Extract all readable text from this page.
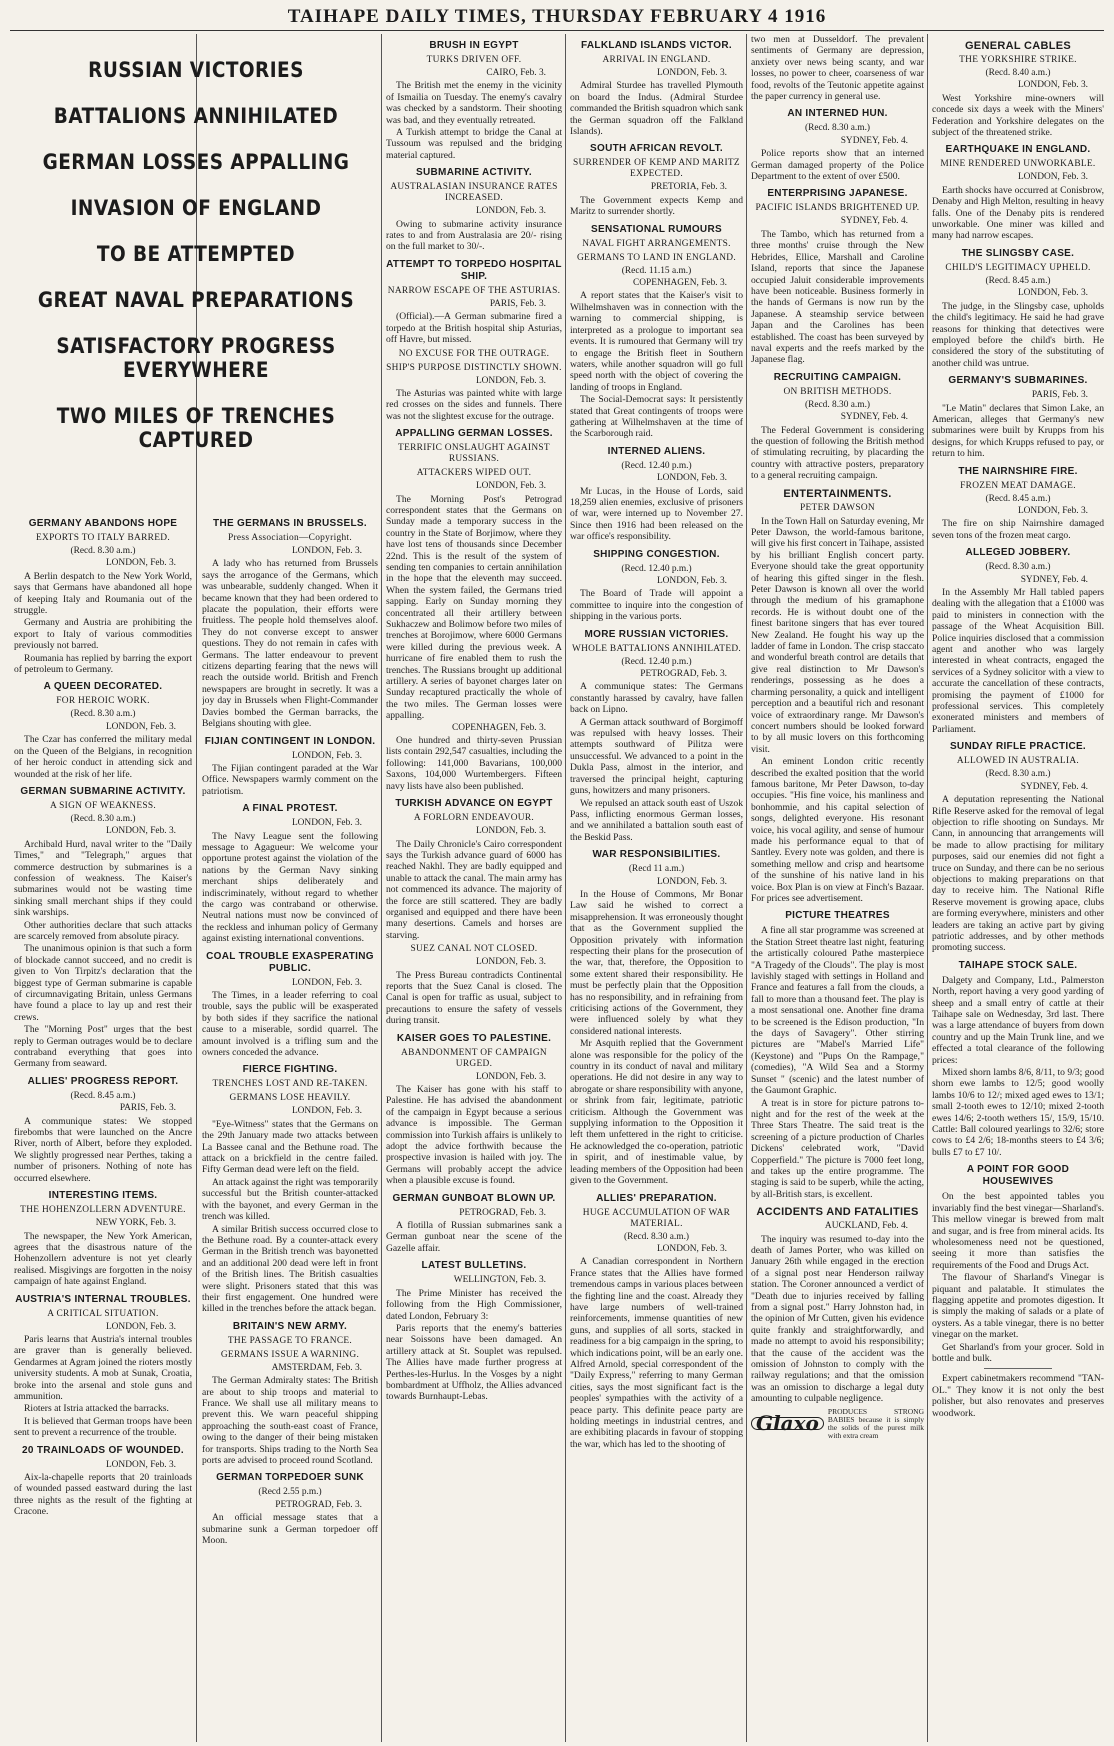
TAIHAPE DAILY TIMES, THURSDAY FEBRUARY 4 1916
RUSSIAN VICTORIES
BATTALIONS ANNIHILATED
GERMAN LOSSES APPALLING
INVASION OF ENGLAND
TO BE ATTEMPTED
GREAT NAVAL PREPARATIONS
SATISFACTORY PROGRESS EVERYWHERE
TWO MILES OF TRENCHES CAPTURED
GERMANY ABANDONS HOPE
EXPORTS TO ITALY BARRED.
(Recd. 8.30 a.m.)
LONDON, Feb. 3.

A Berlin despatch to the New York World, says that Germans have abandoned all hope of keeping Italy and Roumania out of the struggle.

Germany and Austria are prohibiting the export to Italy of various commodities previously not barred.

Roumania has replied by barring the export of petroleum to Germany.

A QUEEN DECORATED.
FOR HEROIC WORK.
(Recd. 8.30 a.m.)
LONDON, Feb. 3.

The Czar has conferred the military medal on the Queen of the Belgians, in recognition of her heroic conduct in attending sick and wounded at the risk of her life.

GERMAN SUBMARINE ACTIVITY.
A SIGN OF WEAKNESS.
(Recd. 8.30 a.m.)
LONDON, Feb. 3.

Archibald Hurd, naval writer to the "Daily Times," and "Telegraph," argues that commerce destruction by submarines is a confession of weakness. The Kaiser's submarines would not be wasting time sinking small merchant ships if they could sink warships.

Other authorities declare that such attacks are scarcely removed from absolute piracy.

The unanimous opinion is that such a form of blockade cannot succeed, and no credit is given to Von Tirpitz's declaration that the biggest type of German submarine is capable of circumnavigating Britain, unless Germans have found a place to lay up and rest their crews.

The "Morning Post" urges that the best reply to German outrages would be to declare contraband everything that goes into Germany from seaward.

ALLIES' PROGRESS REPORT.
(Recd. 8.45 a.m.)
PARIS, Feb. 3.

A communique states: We stopped firebombs that were launched on the Ancre River, north of Albert, before they exploded. We slightly progressed near Perthes, taking a number of prisoners. Nothing of note has occurred elsewhere.

INTERESTING ITEMS.
THE HOHENZOLLERN ADVENTURE.
NEW YORK, Feb. 3.

The newspaper, the New York American, agrees that the disastrous nature of the Hohenzollern adventure is not yet clearly realised. Misgivings are forgotten in the noisy campaign of hate against England.

AUSTRIA'S INTERNAL TROUBLES.
A CRITICAL SITUATION.
LONDON, Feb. 3.

Paris learns that Austria's internal troubles are graver than is generally believed. Gendarmes at Agram joined the rioters mostly university students. A mob at Sunak, Croatia, broke into the arsenal and stole guns and ammunition.

Rioters at Istria attacked the barracks.

It is believed that German troops have been sent to prevent a recurrence of the trouble.

20 TRAINLOADS OF WOUNDED.
LONDON, Feb. 3.

Aix-la-chapelle reports that 20 trainloads of wounded passed eastward during the last three nights as the result of the fighting at Cracone.

THE GERMANS IN BRUSSELS.
Press Association—Copyright.
LONDON, Feb. 3.

A lady who has returned from Brussels says the arrogance of the Germans, which was unbearable, suddenly changed. When it became known that they had been ordered to placate the population, their efforts were fruitless. The people hold themselves aloof. They do not converse except to answer questions. They do not remain in cafes with Germans. The latter endeavour to prevent citizens departing fearing that the news will reach the outside world. British and French newspapers are brought in secretly. It was a joy day in Brussels when Flight-Commander Davies bombed the German barracks, the Belgians shouting with glee.

FIJIAN CONTINGENT IN LONDON.
LONDON, Feb. 3.

The Fijian contingent paraded at the War Office. Newspapers warmly comment on the patriotism.

A FINAL PROTEST.
LONDON, Feb. 3.

The Navy League sent the following message to Agagueur: We welcome your opportune protest against the violation of the nations by the German Navy sinking merchant ships deliberately and indiscriminately, without regard to whether the cargo was contraband or otherwise. Neutral nations must now be convinced of the reckless and inhuman policy of Germany against existing international conventions.

COAL TROUBLE EXASPERATING PUBLIC.
LONDON, Feb. 3.

The Times, in a leader referring to coal trouble, says the public will be exasperated by both sides if they sacrifice the national cause to a miserable, sordid quarrel. The amount involved is a trifling sum and the owners conceded the advance.

FIERCE FIGHTING.
TRENCHES LOST AND RE-TAKEN.
GERMANS LOSE HEAVILY.
LONDON, Feb. 3.

"Eye-Witness" states that the Germans on the 29th January made two attacks between La Bassee canal and the Bethune road. The attack on a brickfield in the centre failed. Fifty German dead were left on the field.

An attack against the right was temporarily successful but the British counter-attacked with the bayonet, and every German in the trench was killed.

A similar British success occurred close to the Bethune road. By a counter-attack every German in the British trench was bayonetted and an additional 200 dead were left in front of the British lines. The British casualties were slight. Prisoners stated that this was their first engagement. One hundred were killed in the trenches before the attack began.

BRITAIN'S NEW ARMY.
THE PASSAGE TO FRANCE.
GERMANS ISSUE A WARNING.
AMSTERDAM, Feb. 3.

The German Admiralty states: The British are about to ship troops and material to France. We shall use all military means to prevent this. We warn peaceful shipping approaching the south-east coast of France, owing to the danger of their being mistaken for transports. Ships trading to the North Sea ports are advised to proceed round Scotland.

GERMAN TORPEDOER SUNK
(Recd 2.55 p.m.)
PETROGRAD, Feb. 3.

An official message states that a submarine sunk a German torpedoer off Moon.

BRUSH IN EGYPT
TURKS DRIVEN OFF.
CAIRO, Feb. 3.

The British met the enemy in the vicinity of Ismailia on Tuesday. The enemy's cavalry was checked by a sandstorm. Their shooting was bad, and they eventually retreated.

A Turkish attempt to bridge the Canal at Tussoum was repulsed and the bridging material captured.

SUBMARINE ACTIVITY.
AUSTRALASIAN INSURANCE RATES INCREASED.
LONDON, Feb. 3.

Owing to submarine activity insurance rates to and from Australasia are 20/- rising on the full market to 30/-.

ATTEMPT TO TORPEDO HOSPITAL SHIP.
NARROW ESCAPE OF THE ASTURIAS.
PARIS, Feb. 3.

(Official).—A German submarine fired a torpedo at the British hospital ship Asturias, off Havre, but missed.

NO EXCUSE FOR THE OUTRAGE.
SHIP'S PURPOSE DISTINCTLY SHOWN.
LONDON, Feb. 3.

The Asturias was painted white with large red crosses on the sides and funnels. There was not the slightest excuse for the outrage.

APPALLING GERMAN LOSSES.
TERRIFIC ONSLAUGHT AGAINST RUSSIANS.
ATTACKERS WIPED OUT.
LONDON, Feb. 3.

The Morning Post's Petrograd correspondent states that the Germans on Sunday made a temporary success in the country in the State of Borjimow, where they have lost tens of thousands since December 22nd. This is the result of the system of sending ten companies to certain annihilation in the hope that the eleventh may succeed. When the system failed, the Germans tried sapping. Early on Sunday morning they concentrated all their artillery between Sukhaczew and Bolimow before two miles of trenches at Borojimow, where 6000 Germans were killed during the previous week. A hurricane of fire enabled them to rush the trenches. The Russians brought up additional artillery. A series of bayonet charges later on Sunday recaptured practically the whole of the two miles. The German losses were appalling.

COPENHAGEN, Feb. 3.

One hundred and thirty-seven Prussian lists contain 292,547 casualties, including the following: 141,000 Bavarians, 100,000 Saxons, 104,000 Wurtembergers. Fifteen navy lists have also been published.

TURKISH ADVANCE ON EGYPT
A FORLORN ENDEAVOUR.
LONDON, Feb. 3.

The Daily Chronicle's Cairo correspondent says the Turkish advance guard of 6000 has reached Nakhl. They are badly equipped and unable to attack the canal. The main army has not commenced its advance. The majority of the force are still scattered. They are badly organised and equipped and there have been many desertions. Camels and horses are starving.

SUEZ CANAL NOT CLOSED.
LONDON, Feb. 3.

The Press Bureau contradicts Continental reports that the Suez Canal is closed. The Canal is open for traffic as usual, subject to precautions to ensure the safety of vessels during transit.

KAISER GOES TO PALESTINE.
ABANDONMENT OF CAMPAIGN URGED.
LONDON, Feb. 3.

The Kaiser has gone with his staff to Palestine. He has advised the abandonment of the campaign in Egypt because a serious advance is impossible. The German commission into Turkish affairs is unlikely to adopt the advice forthwith because the prospective invasion is hailed with joy. The Germans will probably accept the advice when a plausible excuse is found.

GERMAN GUNBOAT BLOWN UP.
PETROGRAD, Feb. 3.

A flotilla of Russian submarines sank a German gunboat near the scene of the Gazelle affair.

LATEST BULLETINS.
WELLINGTON, Feb. 3.

The Prime Minister has received the following from the High Commissioner, dated London, February 3:

Paris reports that the enemy's batteries near Soissons have been damaged. An artillery attack at St. Souplet was repulsed. The Allies have made further progress at Perthes-les-Hurlus. In the Vosges by a night bombardment at Uffholz, the Allies advanced towards Burnhaupt-Lebas.

FALKLAND ISLANDS VICTOR.
ARRIVAL IN ENGLAND.
LONDON, Feb. 3.

Admiral Sturdee has travelled Plymouth on board the Indus. (Admiral Sturdee commanded the British squadron which sank the German squadron off the Falkland Islands).

SOUTH AFRICAN REVOLT.
SURRENDER OF KEMP AND MARITZ EXPECTED.
PRETORIA, Feb. 3.

The Government expects Kemp and Maritz to surrender shortly.

SENSATIONAL RUMOURS
NAVAL FIGHT ARRANGEMENTS.
GERMANS TO LAND IN ENGLAND.
(Recd. 11.15 a.m.)
COPENHAGEN, Feb. 3.

A report states that the Kaiser's visit to Wilhelmshaven was in connection with the warning to commercial shipping, is interpreted as a prologue to important sea events. It is rumoured that Germany will try to engage the British fleet in Southern waters, while another squadron will go full speed north with the object of covering the landing of troops in England.

The Social-Democrat says: It persistently stated that Great contingents of troops were gathering at Wilhelmshaven at the time of the Scarborough raid.

INTERNED ALIENS.
(Recd. 12.40 p.m.)
LONDON, Feb. 3.

Mr Lucas, in the House of Lords, said 18,259 alien enemies, exclusive of prisoners of war, were interned up to November 27. Since then 1916 had been released on the war office's responsibility.

SHIPPING CONGESTION.
(Recd. 12.40 p.m.)
LONDON, Feb. 3.

The Board of Trade will appoint a committee to inquire into the congestion of shipping in the various ports.

MORE RUSSIAN VICTORIES.
WHOLE BATTALIONS ANNIHILATED.
(Recd. 12.40 p.m.)
PETROGRAD, Feb. 3.

A communique states: The Germans constantly harassed by cavalry, have fallen back on Lipno.

A German attack southward of Borgimoff was repulsed with heavy losses. Their attempts southward of Pilitza were unsuccessful. We advanced to a point in the Dukla Pass, almost in the interior, and traversed the principal height, capturing guns, howitzers and many prisoners.

We repulsed an attack south east of Uszok Pass, inflicting enormous German losses, and we annihilated a battalion south east of the Beskid Pass.

WAR RESPONSIBILITIES.
(Recd 11 a.m.)
LONDON, Feb. 3.

In the House of Commons, Mr Bonar Law said he wished to correct a misapprehension. It was erroneously thought that as the Government supplied the Opposition privately with information respecting their plans for the prosecution of the war, that, therefore, the Opposition to some extent shared their responsibility. He must be perfectly plain that the Opposition has no responsibility, and in refraining from criticising actions of the Government, they were influenced solely by what they considered national interests.

Mr Asquith replied that the Government alone was responsible for the policy of the country in its conduct of naval and military operations. He did not desire in any way to abrogate or share responsibility with anyone, or shrink from fair, legitimate, patriotic criticism. Although the Government was supplying information to the Opposition it left them unfettered in the right to criticise. He acknowledged the co-operation, patriotic in spirit, and of inestimable value, by leading members of the Opposition had been given to the Government.

ALLIES' PREPARATION.
HUGE ACCUMULATION OF WAR MATERIAL.
(Recd. 8.30 a.m.)
LONDON, Feb. 3.

A Canadian correspondent in Northern France states that the Allies have formed tremendous camps in various places between the fighting line and the coast. Already they have large numbers of well-trained reinforcements, immense quantities of new guns, and supplies of all sorts, stacked in readiness for a big campaign in the spring, to which indications point, will be an early one. Alfred Arnold, special correspondent of the "Daily Express," referring to many German cities, says the most significant fact is the peoples' sympathies with the activity of a peace party. This definite peace party are holding meetings in industrial centres, and are exhibiting placards in favour of stopping the war, which has led to the shooting of

two men at Dusseldorf. The prevalent sentiments of Germany are depression, anxiety over news being scanty, and war losses, no power to cheer, coarseness of war food, revolts of the Teutonic appetite against the paper currency in general use.

AN INTERNED HUN.
(Recd. 8.30 a.m.)
SYDNEY, Feb. 4.

Police reports show that an interned German damaged property of the Police Department to the extent of over £500.

ENTERPRISING JAPANESE.
PACIFIC ISLANDS BRIGHTENED UP.
SYDNEY, Feb. 4.

The Tambo, which has returned from a three months' cruise through the New Hebrides, Ellice, Marshall and Caroline Island, reports that since the Japanese occupied Jaluit considerable improvements have been noticeable. Business formerly in the hands of Germans is now run by the Japanese. A steamship service between Japan and the Carolines has been established. The coast has been surveyed by naval experts and the reefs marked by the Japanese flag.

RECRUITING CAMPAIGN.
ON BRITISH METHODS.
(Recd. 8.30 a.m.)
SYDNEY, Feb. 4.

The Federal Government is considering the question of following the British method of stimulating recruiting, by placarding the country with attractive posters, preparatory to a general recruiting campaign.

ENTERTAINMENTS.
PETER DAWSON

In the Town Hall on Saturday evening, Mr Peter Dawson, the world-famous baritone, will give his first concert in Taihape, assisted by his brilliant English concert party. Everyone should take the great opportunity of hearing this gifted singer in the flesh. Peter Dawson is known all over the world through the medium of his gramaphone records. He is without doubt one of the finest baritone singers that has ever toured New Zealand. He fought his way up the ladder of fame in London. The crisp staccato and wonderful breath control are details that give real distinction to Mr Dawson's renderings, possessing as he does a charming personality, a quick and intelligent perception and a beautiful rich and resonant voice of extraordinary range. Mr Dawson's concert numbers should be looked forward to by all music lovers on this forthcoming visit.

An eminent London critic recently described the exalted position that the world famous baritone, Mr Peter Dawson, to-day occupies. "His fine voice, his manliness and bonhommie, and his capital selection of songs, delighted everyone. His resonant voice, his vocal agility, and sense of humour made his performance equal to that of Santley. Every note was golden, and there is something mellow and crisp and heartsome of the sunshine of his native land in his voice. Box Plan is on view at Finch's Bazaar. For prices see advertisement.

PICTURE THEATRES

A fine all star programme was screened at the Station Street theatre last night, featuring the artistically coloured Pathe masterpiece "A Tragedy of the Clouds". The play is most lavishly staged with settings in Holland and France and features a fall from the clouds, a fall to more than a thousand feet. The play is a most sensational one. Another fine drama to be screened is the Edison production, "In the days of Savagery". Other stirring pictures are "Mabel's Married Life" (Keystone) and "Pups On the Rampage," (comedies), "A Wild Sea and a Stormy Sunset " (scenic) and the latest number of the Gaumont Graphic.

A treat is in store for picture patrons to-night and for the rest of the week at the Three Stars Theatre. The said treat is the screening of a picture production of Charles Dickens' celebrated work, "David Copperfield." The picture is 7000 feet long, and takes up the entire programme. The staging is said to be superb, while the acting, by all-British stars, is excellent.

ACCIDENTS AND FATALITIES
AUCKLAND, Feb. 4.

The inquiry was resumed to-day into the death of James Porter, who was killed on January 26th while engaged in the erection of a signal post near Henderson railway station. The Coroner announced a verdict of "Death due to injuries received by falling from a signal post." Harry Johnston had, in the opinion of Mr Cutten, given his evidence quite frankly and straightforwardly, and made no attempt to avoid his responsibility; that the cause of the accident was the omission of Johnston to comply with the railway regulations; and that the omission was an omission to discharge a legal duty amounting to culpable negligence.

Glaxo	PRODUCES STRONG BABIES because it is simply the solids of the purest milk with extra cream
GENERAL CABLES
THE YORKSHIRE STRIKE.
(Recd. 8.40 a.m.)
LONDON, Feb. 3.

West Yorkshire mine-owners will concede six days a week with the Miners' Federation and Yorkshire delegates on the subject of the threatened strike.

EARTHQUAKE IN ENGLAND.
MINE RENDERED UNWORKABLE.
LONDON, Feb. 3.

Earth shocks have occurred at Conisbrow, Denaby and High Melton, resulting in heavy falls. One of the Denaby pits is rendered unworkable. One miner was killed and many had narrow escapes.

THE SLINGSBY CASE.
CHILD'S LEGITIMACY UPHELD.
(Recd. 8.45 a.m.)
LONDON, Feb. 3.

The judge, in the Slingsby case, upholds the child's legitimacy. He said he had grave reasons for thinking that detectives were employed before the child's birth. He considered the story of the substituting of another child was untrue.

GERMANY'S SUBMARINES.
PARIS, Feb. 3.

"Le Matin" declares that Simon Lake, an American, alleges that Germany's new submarines were built by Krupps from his designs, for which Krupps refused to pay, or return to him.

THE NAIRNSHIRE FIRE.
FROZEN MEAT DAMAGE.
(Recd. 8.45 a.m.)
LONDON, Feb. 3.

The fire on ship Nairnshire damaged seven tons of the frozen meat cargo.

ALLEGED JOBBERY.
(Recd. 8.30 a.m.)
SYDNEY, Feb. 4.

In the Assembly Mr Hall tabled papers dealing with the allegation that a £1000 was paid to ministers in connection with the passage of the Wheat Acquisition Bill. Police inquiries disclosed that a commission agent and another who was largely interested in wheat contracts, engaged the services of a Sydney solicitor with a view to accurate the cancellation of these contracts, promising the payment of £1000 for professional services. This completely exonerated ministers and members of Parliament.

SUNDAY RIFLE PRACTICE.
ALLOWED IN AUSTRALIA.
(Recd. 8.30 a.m.)
SYDNEY, Feb. 4.

A deputation representing the National Rifle Reserve asked for the removal of legal objection to rifle shooting on Sundays. Mr Cann, in announcing that arrangements will be made to allow practising for military purposes, said our enemies did not fight a truce on Sunday, and there can be no serious objections to making preparations on that day to receive him. The National Rifle Reserve movement is growing apace, clubs are forming everywhere, ministers and other leaders are taking an active part by giving patriotic addresses, and by other methods promoting success.

TAIHAPE STOCK SALE.

Dalgety and Company, Ltd., Palmerston North, report having a very good yarding of sheep and a small entry of cattle at their Taihape sale on Wednesday, 3rd last. There was a large attendance of buyers from down country and up the Main Trunk line, and we effected a total clearance of the following prices:

Mixed shorn lambs 8/6, 8/11, to 9/3; good shorn ewe lambs to 12/5; good woolly lambs 10/6 to 12/; mixed aged ewes to 13/1; small 2-tooth ewes to 12/10; mixed 2-tooth ewes 14/6; 2-tooth wethers 15/, 15/9, 15/10. Cattle: Ball coloured yearlings to 32/6; store cows to £4 2/6; 18-months steers to £4 3/6; bulls £7 to £7 10/.

A POINT FOR GOOD HOUSEWIVES

On the best appointed tables you invariably find the best vinegar—Sharland's. This mellow vinegar is brewed from malt and sugar, and is free from mineral acids. Its wholesomeness need not be questioned, seeing it more than satisfies the requirements of the Food and Drugs Act.

The flavour of Sharland's Vinegar is piquant and palatable. It stimulates the flagging appetite and promotes digestion. It is simply the making of salads or a plate of oysters. As a table vinegar, there is no better vinegar on the market.

Get Sharland's from your grocer. Sold in bottle and bulk.

Expert cabinetmakers recommend "TAN-OL." They know it is not only the best polisher, but also renovates and preserves woodwork.
